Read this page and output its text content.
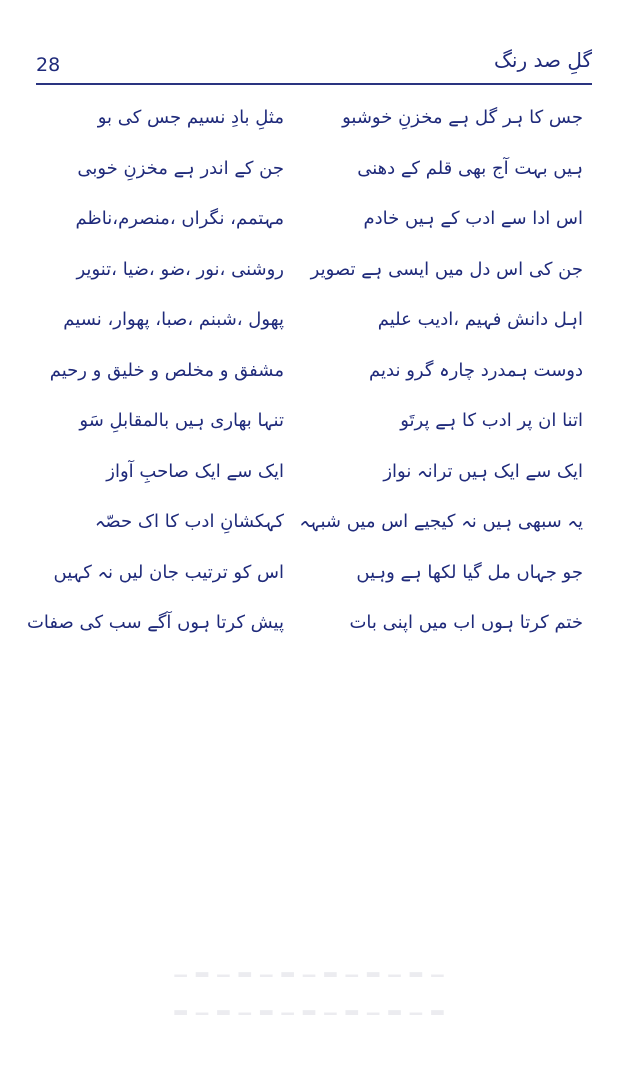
28	گلِ صد رنگ
جس کا ہر گل ہے مخزنِ خوشبو
ہیں بہت آج بھی قلم کے دھنی
اس ادا سے ادب کے ہیں خادم
جن کی اس دل میں ایسی ہے تصویر
اہل دانش فہیم ،ادیب علیم
دوست ہمدرد چارہ گرو ندیم
اتنا ان پر ادب کا ہے پرتَو
ایک سے ایک ہیں ترانہ نواز
یہ سبھی ہیں نہ کیجیے اس میں شبہہ
جو جہاں مل گیا لکھا ہے وہیں
ختم کرتا ہوں اب میں اپنی بات
مثلِ بادِ نسیم جس کی بو
جن کے اندر ہے مخزنِ خوبی
مہتمم، نگراں ،منصرم،ناظم
روشنی ،نور ،ضو ،ضیا ،تنویر
پھول ،شبنم ،صبا، پھوار، نسیم
مشفق و مخلص و خلیق و رحیم
تنہا بھاری ہیں بالمقابلِ سَو
ایک سے ایک صاحبِ آواز
کہکشانِ ادب کا اک حصّہ
اس کو ترتیب جان لیں نہ کہیں
پیش کرتا ہوں آگے سب کی صفات
▁ ▂ ▁ ▂ ▁ ▂ ▁ ▂ ▁ ▂ ▁ ▂ ▁
▂ ▁ ▂ ▁ ▂ ▁ ▂ ▁ ▂ ▁ ▂ ▁ ▂
